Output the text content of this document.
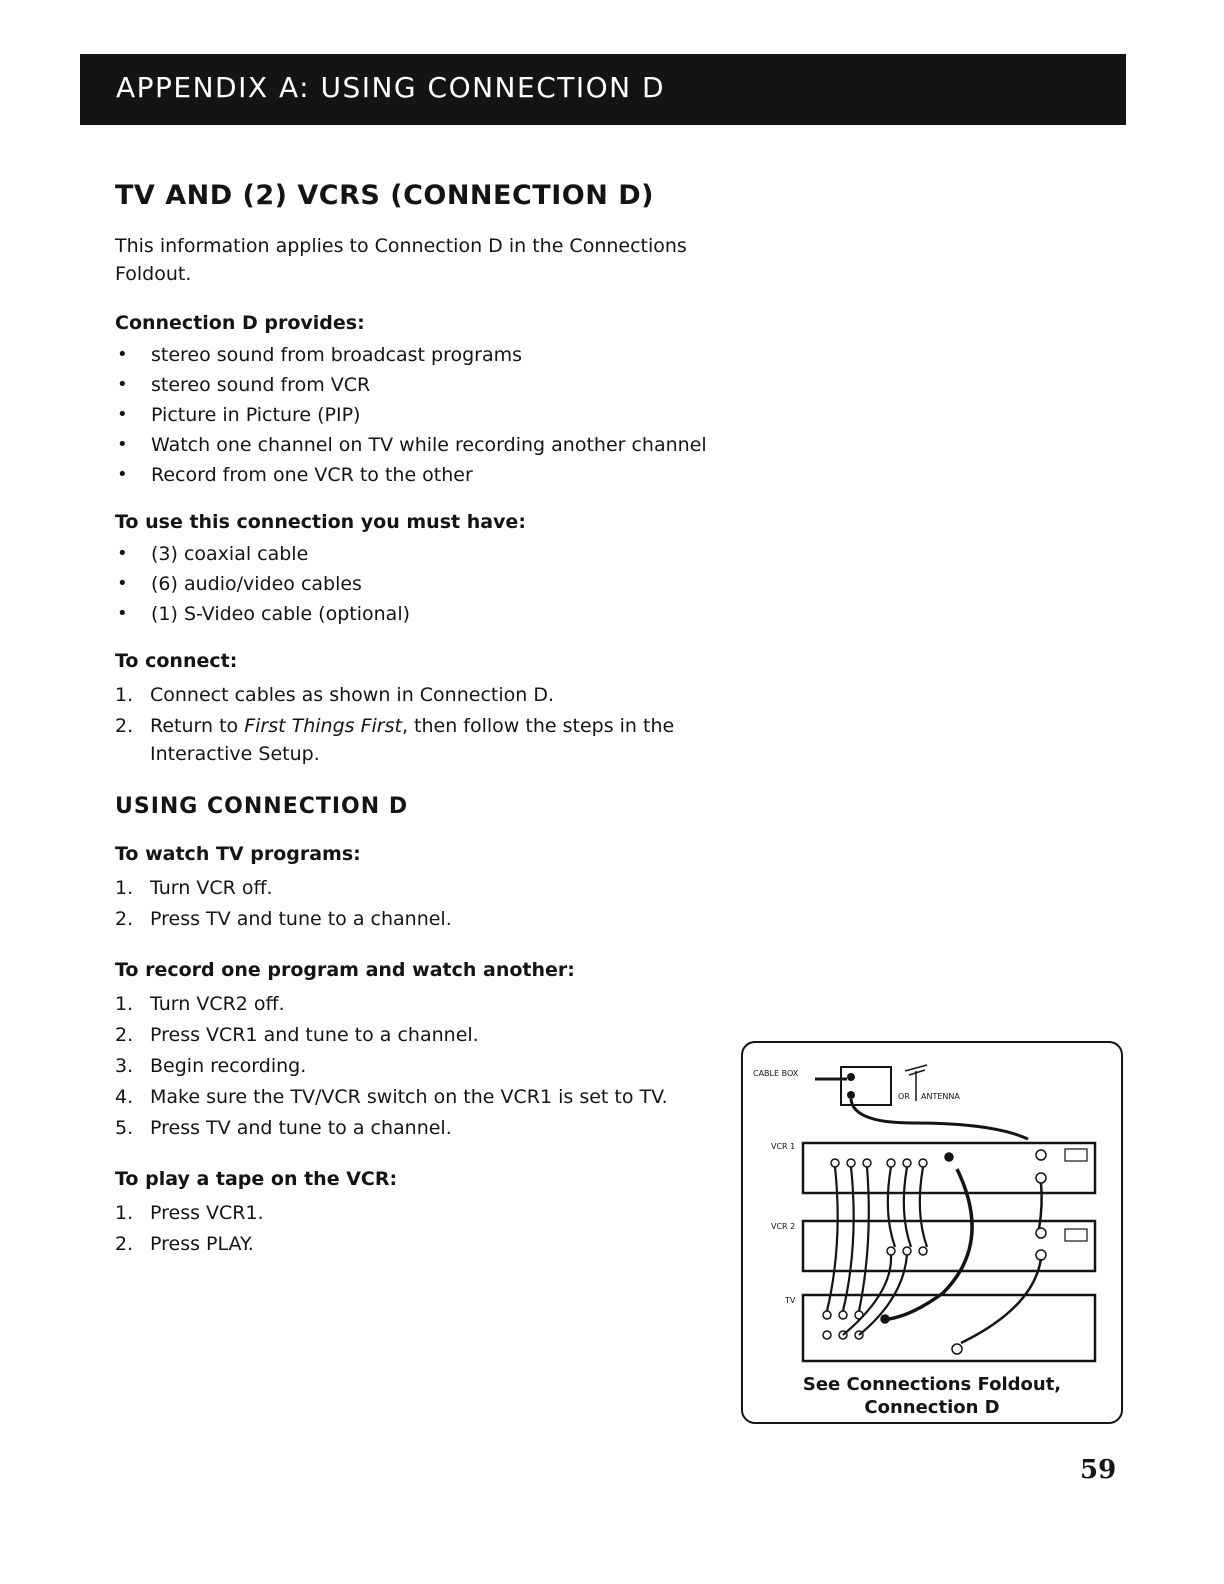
APPENDIX A: USING CONNECTION D
TV AND (2) VCRS (CONNECTION D)

This information applies to Connection D in the Connections Foldout.

Connection D provides:
• stereo sound from broadcast programs
• stereo sound from VCR
• Picture in Picture (PIP)
• Watch one channel on TV while recording another channel
• Record from one VCR to the other
To use this connection you must have:
• (3) coaxial cable
• (6) audio/video cables
• (1) S-Video cable (optional)
To connect:
1. Connect cables as shown in Connection D.
2. Return to First Things First, then follow the steps in the Interactive Setup.
USING CONNECTION D
To watch TV programs:
1. Turn VCR off.
2. Press TV and tune to a channel.
To record one program and watch another:
1. Turn VCR2 off.
2. Press VCR1 and tune to a channel.
3. Begin recording.
4. Make sure the TV/VCR switch on the VCR1 is set to TV.
5. Press TV and tune to a channel.
To play a tape on the VCR:
1. Press VCR1.
2. Press PLAY.
CABLE BOX
OR ANTENNA
VCR 1
VCR 2
TV
See Connections Foldout,
Connection D
59
